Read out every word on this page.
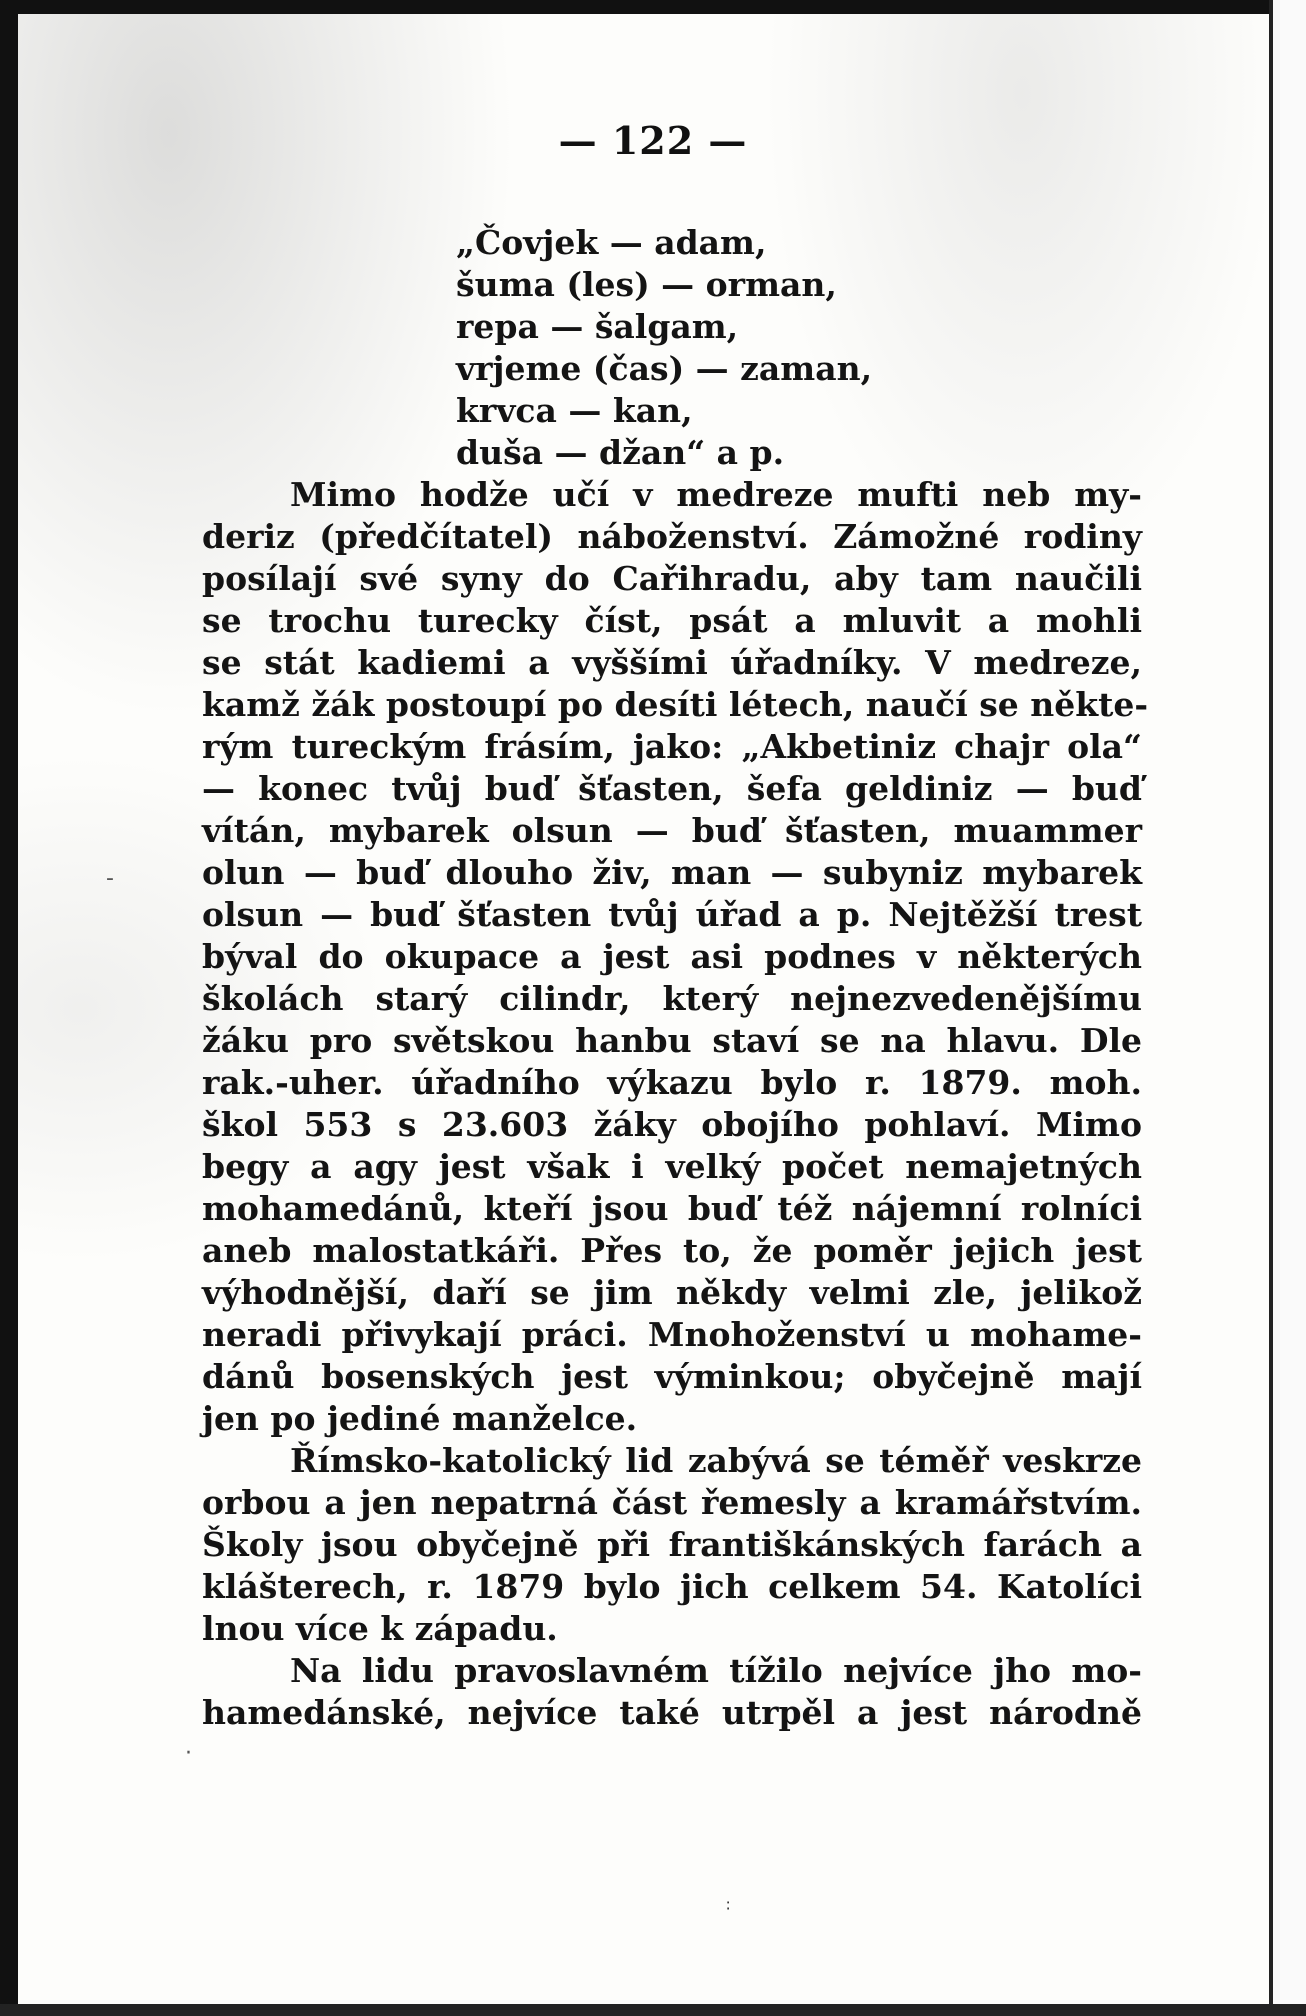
— 122 —
„Čovjek — adam,
šuma (les) — orman,
repa — šalgam,
vrjeme (čas) — zaman,
krvca — kan,
duša — džan“ a p.
Mimo hodže učí v medreze mufti neb my-
deriz (předčítatel) náboženství. Zámožné rodiny
posílají své syny do Cařihradu, aby tam naučili
se trochu turecky číst, psát a mluvit a mohli
se stát kadiemi a vyššími úřadníky. V medreze,
kamž žák postoupí po desíti létech, naučí se někte-
rým tureckým frásím, jako: „Akbetiniz chajr ola“
— konec tvůj buď šťasten, šefa geldiniz — buď
vítán, mybarek olsun — buď šťasten, muammer
olun — buď dlouho živ, man — subyniz mybarek
olsun — buď šťasten tvůj úřad a p. Nejtěžší trest
býval do okupace a jest asi podnes v některých
školách starý cilindr, který nejnezvedenějšímu
žáku pro světskou hanbu staví se na hlavu. Dle
rak.-uher. úřadního výkazu bylo r. 1879. moh.
škol 553 s 23.603 žáky obojího pohlaví. Mimo
begy a agy jest však i velký počet nemajetných
mohamedánů, kteří jsou buď též nájemní rolníci
aneb malostatkáři. Přes to, že poměr jejich jest
výhodnější, daří se jim někdy velmi zle, jelikož
neradi přivykají práci. Mnohoženství u mohame-
dánů bosenských jest výminkou; obyčejně mají
jen po jediné manželce.
Římsko-katolický lid zabývá se téměř veskrze
orbou a jen nepatrná část řemesly a kramářstvím.
Školy jsou obyčejně při františkánských farách a
klášterech, r. 1879 bylo jich celkem 54. Katolíci
lnou více k západu.
Na lidu pravoslavném tížilo nejvíce jho mo-
hamedánské, nejvíce také utrpěl a jest národně
-
·
∶
